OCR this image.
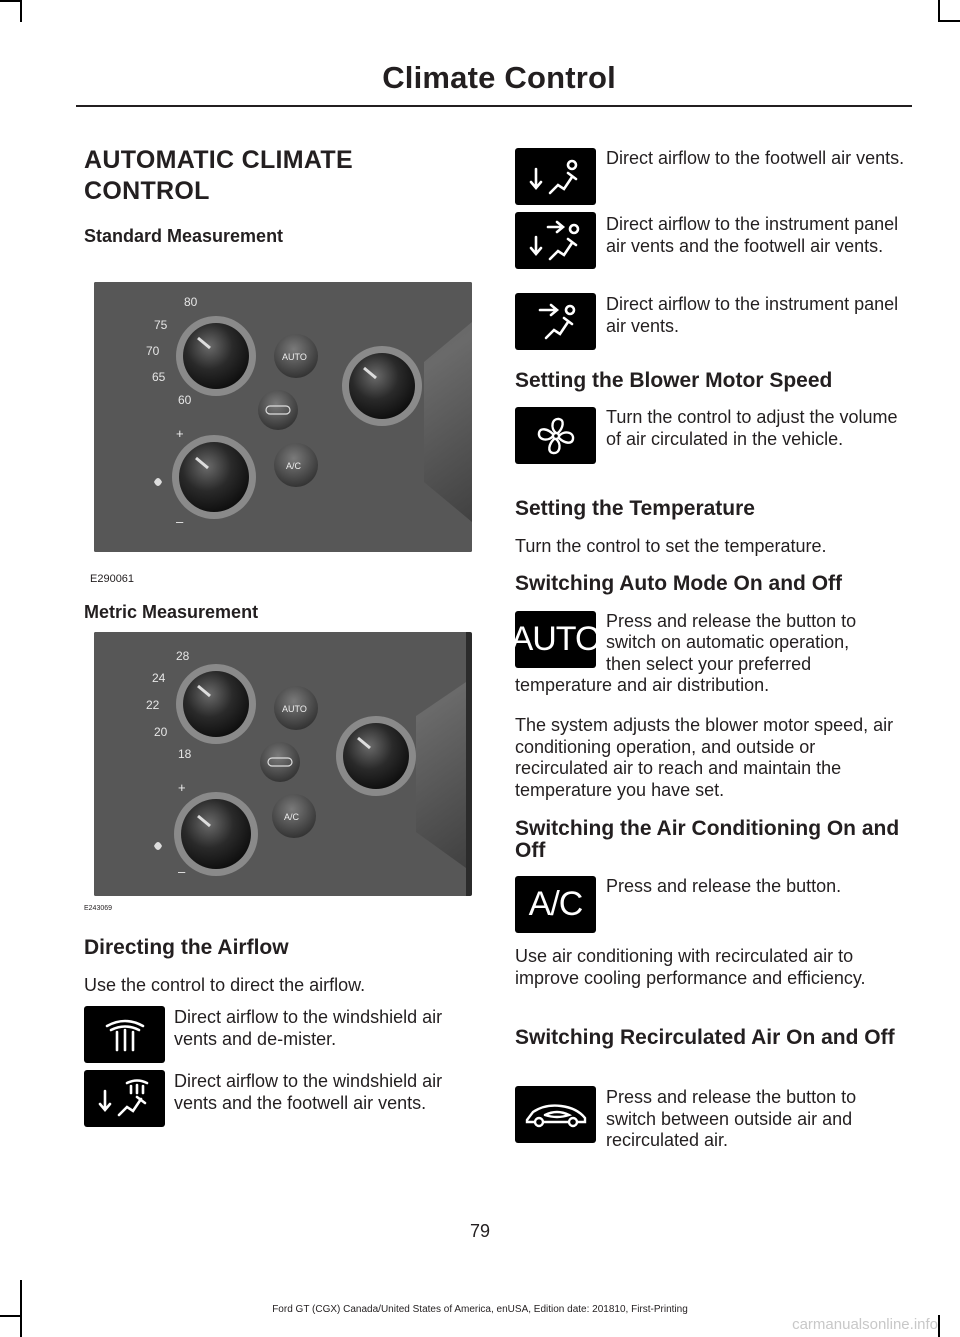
Climate Control
AUTOMATIC CLIMATE CONTROL
Standard Measurement
80
75
70
65
60
AUTO
A/C
+
–
E290061
Metric Measurement
28
24
22
20
18
AUTO
A/C
+
–
E243069
Directing the Airflow
Use the control to direct the airflow.
Direct airflow to the windshield air vents and de-mister.
Direct airflow to the windshield air vents and the footwell air vents.
Direct airflow to the footwell air vents.
Direct airflow to the instrument panel air vents and the footwell air vents.
Direct airflow to the instrument panel air vents.
Setting the Blower Motor Speed
Turn the control to adjust the volume of air circulated in the vehicle.
Setting the Temperature
Turn the control to set the temperature.
Switching Auto Mode On and Off
AUTO Press and release the button to
switch on automatic operation,
then select your preferred
temperature and air distribution.
The system adjusts the blower motor speed, air conditioning operation, and outside or recirculated air to reach and maintain the temperature you have set.
Switching the Air Conditioning On and Off
A/C Press and release the button.
Use air conditioning with recirculated air to improve cooling performance and efficiency.
Switching Recirculated Air On and Off
Press and release the button to switch between outside air and recirculated air.
79
Ford GT (CGX) Canada/United States of America, enUSA, Edition date: 201810, First-Printing
carmanualsonline.info
